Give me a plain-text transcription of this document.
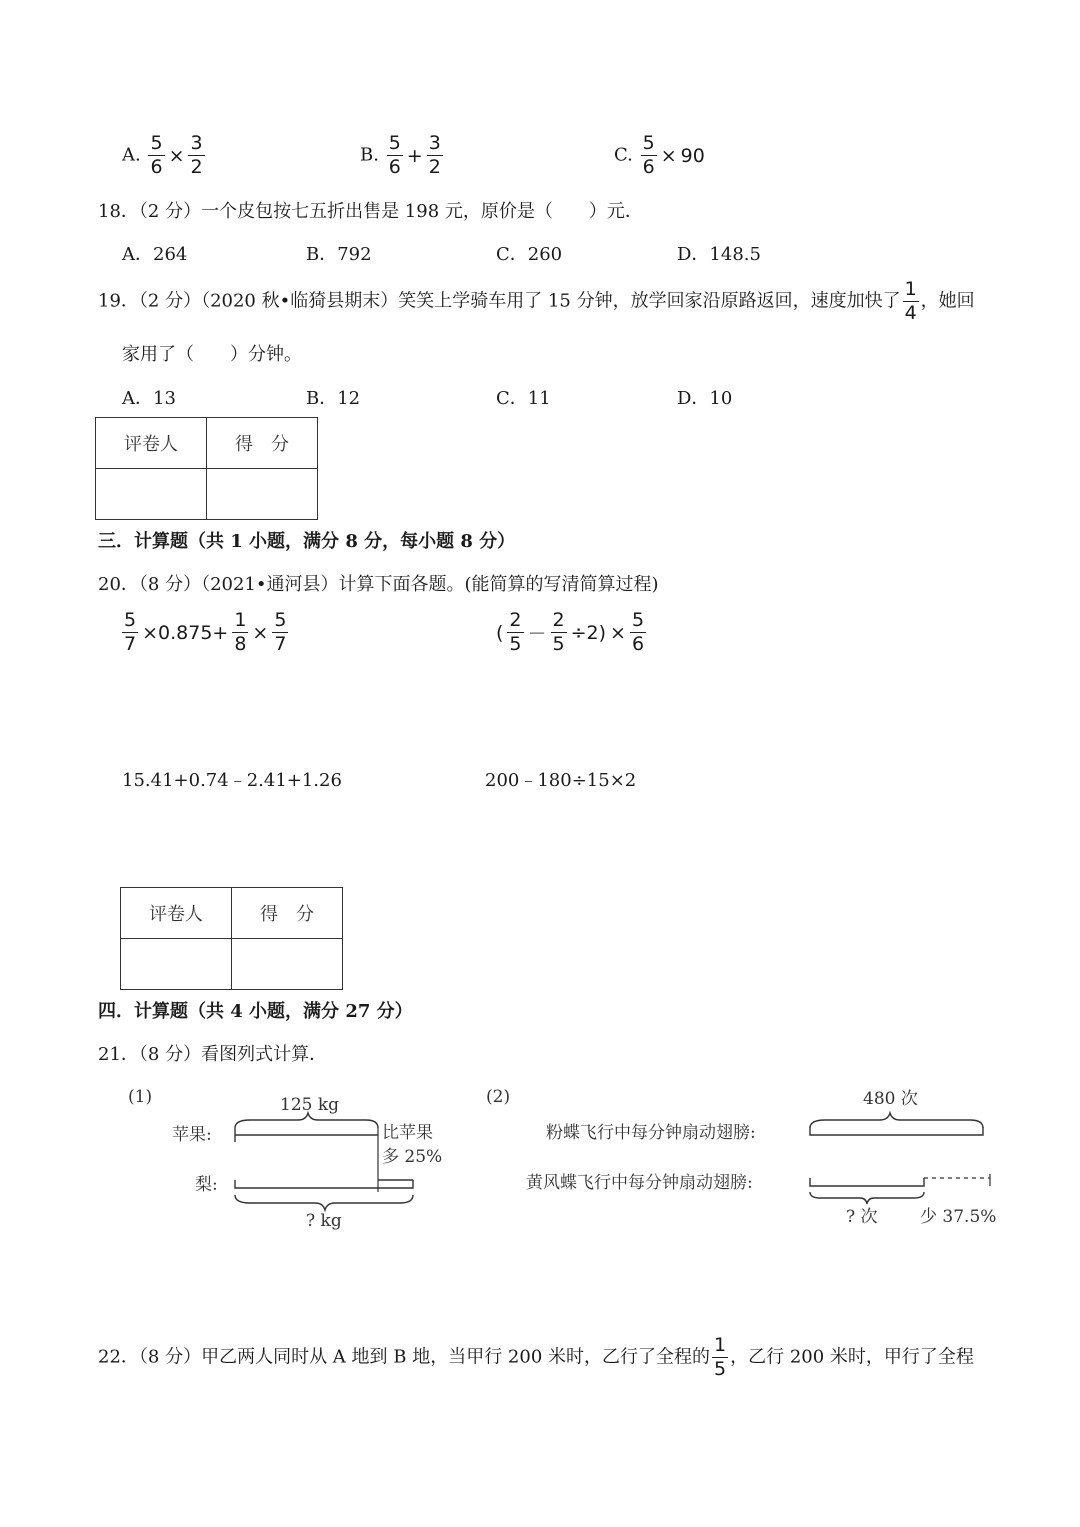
A. $\frac{5}{6} \times \frac{3}{2}$	B. $\frac{5}{6} + \frac{3}{2}$	C. $\frac{5}{6} \times 90$
18．（2 分）一个皮包按七五折出售是 198 元，原价是（　　）元．
A．264	B．792	C．260	D．148.5
19．（2 分）（2020 秋•临猗县期末）笑笑上学骑车用了 15 分钟，放学回家沿原路返回，速度加快了 $\frac{1}{4}$ ，她回
家用了（　　）分钟。
A．13	B．12	C．11	D．10
评卷人	得　分

三．计算题（共 1 小题，满分 8 分，每小题 8 分）
20．（8 分）（2021•通河县）计算下面各题。(能简算的写清简算过程)
$\frac{5}{7} \times 0.875+ \frac{1}{8} \times \frac{5}{7}$	( $\frac{2}{5} - \frac{2}{5} \div 2) \times \frac{5}{6}$
15.41+0.74﹣2.41+1.26	200﹣180÷15×2
评卷人	得　分

四．计算题（共 4 小题，满分 27 分）
21．（8 分）看图列式计算．
(1)	125 kg
苹果:	比苹果
多 25%
梨:
? kg
(2)	480 次
粉蝶飞行中每分钟扇动翅膀:
黄风蝶飞行中每分钟扇动翅膀:
? 次 少 37.5%
22．（8 分）甲乙两人同时从 A 地到 B 地，当甲行 200 米时，乙行了全程的 $\frac{1}{5}$ ，乙行 200 米时，甲行了全程
